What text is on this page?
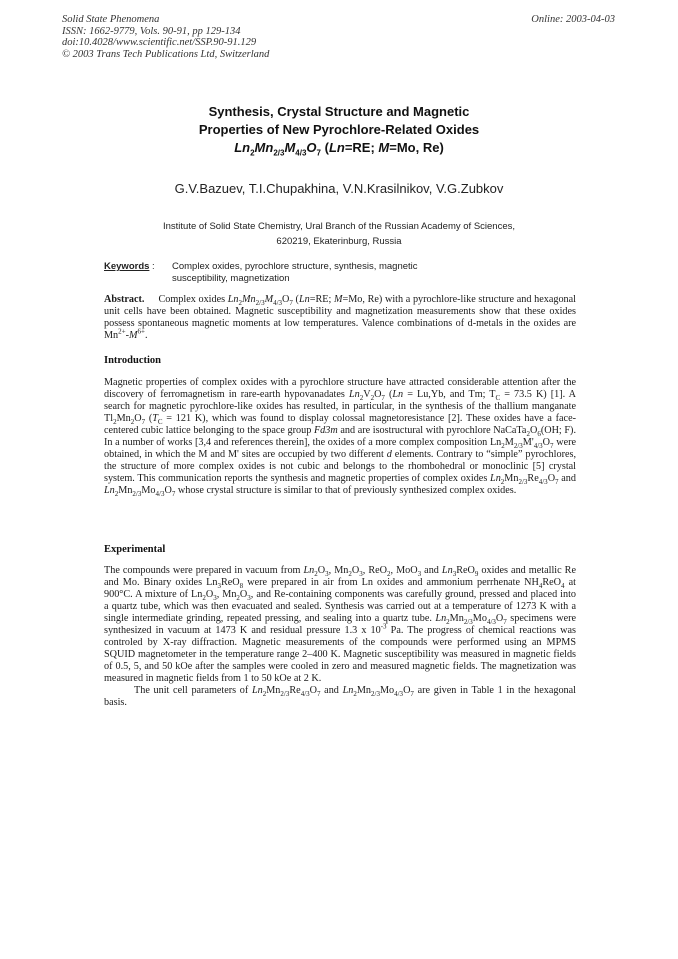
Solid State Phenomena
ISSN: 1662-9779, Vols. 90-91, pp 129-134
doi:10.4028/www.scientific.net/SSP.90-91.129
© 2003 Trans Tech Publications Ltd, Switzerland
Online: 2003-04-03
Synthesis, Crystal Structure and Magnetic
Properties of New Pyrochlore-Related Oxides
$Ln_2Mn_{2/3}M_{4/3}O_7$ (Ln=RE; M=Mo, Re)
G.V.Bazuev, T.I.Chupakhina, V.N.Krasilnikov, V.G.Zubkov
Institute of Solid State Chemistry, Ural Branch of the Russian Academy of Sciences,
620219, Ekaterinburg, Russia
Keywords : Complex oxides, pyrochlore structure, synthesis, magnetic
susceptibility, magnetization

Abstract. Complex oxides $Ln_2Mn_{2/3}M_{4/3}O_7$ (Ln=RE; M=Mo, Re) with a pyrochlore-like structure and hexagonal unit cells have been obtained. Magnetic susceptibility and magnetization measurements show that these oxides possess spontaneous magnetic moments at low temperatures. Valence combinations of d-metals in the oxides are $Mn^{2+}-M^{6+}$.

Introduction

Magnetic properties of complex oxides with a pyrochlore structure have attracted considerable attention after the discovery of ferromagnetism in rare-earth hypovanadates $Ln_2V_2O_7$ (Ln = Lu,Yb, and Tm; $T_C = 73.5$ K) [1]. A search for magnetic pyrochlore-like oxides has resulted, in particular, in the synthesis of the thallium manganate $Tl_2Mn_2O_7$ ($T_C = 121$ K), which was found to display colossal magnetoresistance [2]. These oxides have a face-centered cubic lattice belonging to the space group Fd3m and are isostructural with pyrochlore $NaCaTa_2O_6(OH$; F). In a number of works [3,4 and references therein], the oxides of a more complex composition $Ln_2M_{2/3}M'_{4/3}O_7$ were obtained, in which the M and M' sites are occupied by two different d elements. Contrary to “simple” pyrochlores, the structure of more complex oxides is not cubic and belongs to the rhombohedral or monoclinic [5] crystal system. This communication reports the synthesis and magnetic properties of complex oxides $Ln_2Mn_{2/3}Re_{4/3}O_7$ and $Ln_2Mn_{2/3}Mo_{4/3}O_7$ whose crystal structure is similar to that of previously synthesized complex oxides.

Experimental

The compounds were prepared in vacuum from $Ln_2O_3$, $Mn_2O_3$, ReO$_2$, MoO$_3$ and $Ln_3ReO_9$ oxides and metallic Re and Mo. Binary oxides $Ln_3ReO_8$ were prepared in air from Ln oxides and ammonium perrhenate $NH_4ReO_4$ at 900°C. A mixture of $Ln_2O_3$, $Mn_2O_3$, and Re-containing components was carefully ground, pressed and placed into a quartz tube, which was then evacuated and sealed. Synthesis was carried out at a temperature of 1273 K with a single intermediate grinding, repeated pressing, and sealing into a quartz tube. $Ln_2Mn_{2/3}Mo_{4/3}O_7$ specimens were synthesized in vacuum at 1473 K and residual pressure 1.3 x $10^{-3}$ Pa. The progress of chemical reactions was controled by X-ray diffraction. Magnetic measurements of the compounds were performed using an MPMS SQUID magnetometer in the temperature range 2–400 K. Magnetic susceptibility was measured in magnetic fields of 0.5, 5, and 50 kOe after the samples were cooled in zero and measured magnetic fields. The magnetization was measured in magnetic fields from 1 to 50 kOe at 2 K.

The unit cell parameters of $Ln_2Mn_{2/3}Re_{4/3}O_7$ and $Ln_2Mn_{2/3}Mo_{4/3}O_7$ are given in Table 1 in the hexagonal basis.
